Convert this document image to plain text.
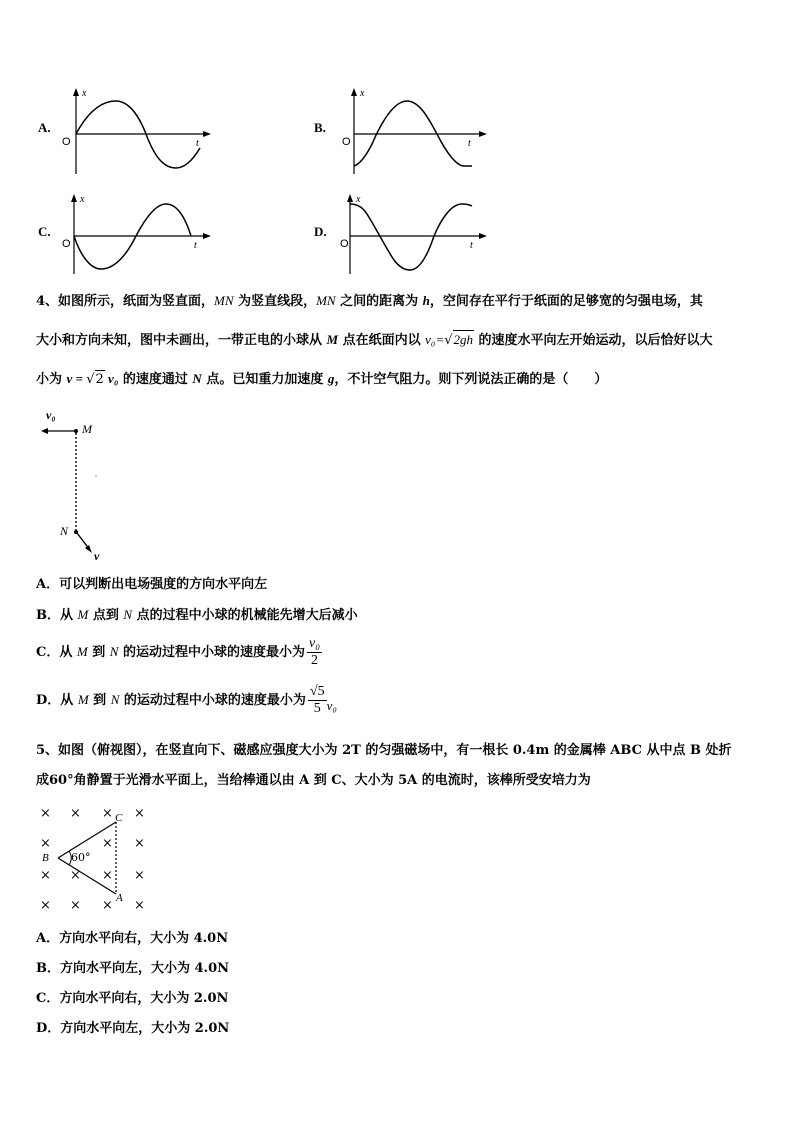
A.
O
x
t
B.
O
x
t
C.
O
x
t
D.
O
x
t
4、如图所示，纸面为竖直面，MN 为竖直线段，MN 之间的距离为 h，空间存在平行于纸面的足够宽的匀强电场，其
大小和方向未知，图中未画出，一带正电的小球从 M 点在纸面内以 v₀=√2gh 的速度水平向左开始运动，以后恰好以大
小为 v = √2 v₀ 的速度通过 N 点。已知重力加速度 g，不计空气阻力。则下列说法正确的是（　　）
v₀
M
N
v
A．可以判断出电场强度的方向水平向左
B．从 M 点到 N 点的过程中小球的机械能先增大后减小
C．从 M 到 N 的运动过程中小球的速度最小为 $\frac{\text{v₀}}{2}$
D．从 M 到 N 的运动过程中小球的速度最小为 $\frac{√5}{5} v_0$
5、如图（俯视图），在竖直向下、磁感应强度大小为 2T 的匀强磁场中，有一根长 0.4m 的金属棒 ABC 从中点 B 处折
成60°角静置于光滑水平面上，当给棒通以由 A 到 C、大小为 5A 的电流时，该棒所受安培力为
× × × ×
×	× ×
× × × ×
× × × ×
C
B 60°
A
A．方向水平向右，大小为 4.0N
B．方向水平向左，大小为 4.0N
C．方向水平向右，大小为 2.0N
D．方向水平向左，大小为 2.0N
